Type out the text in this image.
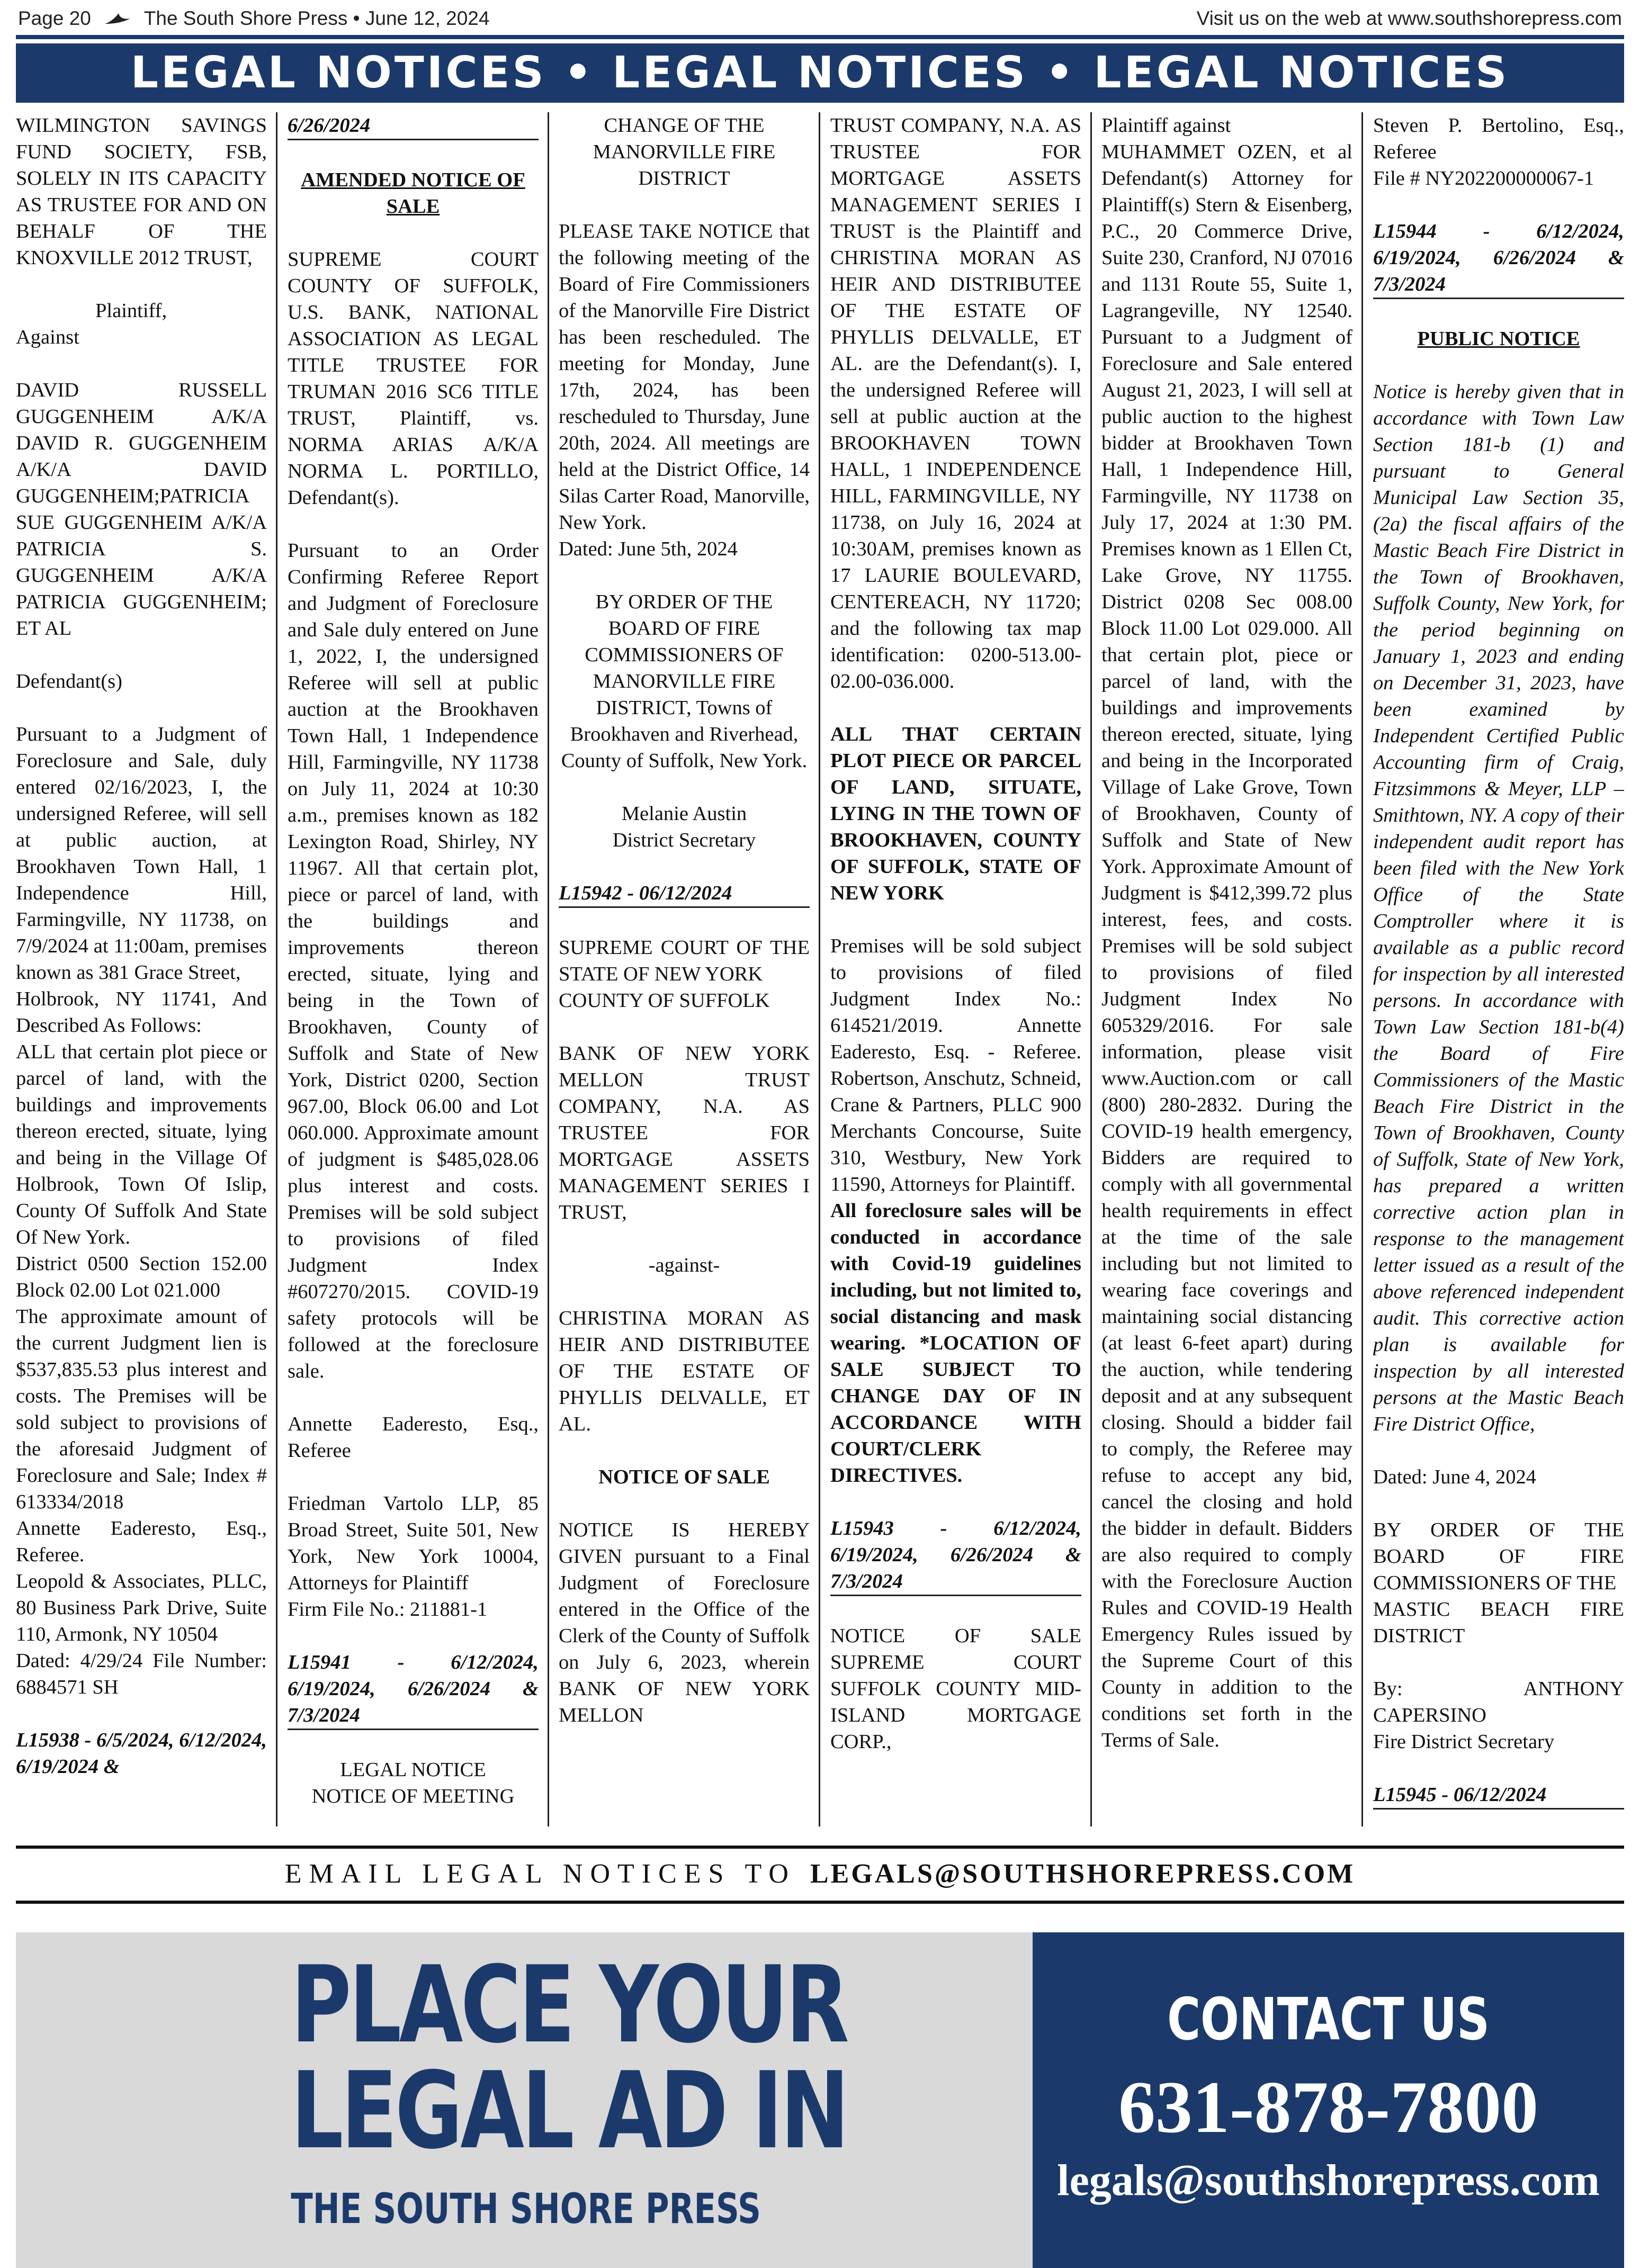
Page 20	The South Shore Press • June 12, 2024	Visit us on the web at www.southshorepress.com
LEGAL NOTICES • LEGAL NOTICES • LEGAL NOTICES

WILMINGTON SAVINGS FUND SOCIETY, FSB, SOLELY IN ITS CAPACITY AS TRUSTEE FOR AND ON BEHALF OF THE KNOXVILLE 2012 TRUST,

Plaintiff,

Against

DAVID RUSSELL GUGGENHEIM A/K/A DAVID R. GUGGENHEIM A/K/A DAVID GUGGENHEIM;PATRICIA SUE GUGGENHEIM A/K/A PATRICIA S. GUGGENHEIM A/K/A PATRICIA GUGGENHEIM; ET AL

Defendant(s)

Pursuant to a Judgment of Foreclosure and Sale, duly entered 02/16/2023, I, the undersigned Referee, will sell at public auction, at Brookhaven Town Hall, 1 Independence Hill, Farmingville, NY 11738, on 7/9/2024 at 11:00am, premises known as 381 Grace Street,

Holbrook, NY 11741, And Described As Follows:

ALL that certain plot piece or parcel of land, with the buildings and improvements thereon erected, situate, lying and being in the Village Of Holbrook, Town Of Islip, County Of Suffolk And State Of New York.

District 0500 Section 152.00 Block 02.00 Lot 021.000

The approximate amount of the current Judgment lien is $537,835.53 plus interest and costs. The Premises will be sold subject to provisions of the aforesaid Judgment of Foreclosure and Sale; Index # 613334/2018

Annette Eaderesto, Esq., Referee.

Leopold & Associates, PLLC, 80 Business Park Drive, Suite 110, Armonk, NY 10504

Dated: 4/29/24 File Number: 6884571 SH

L15938 - 6/5/2024, 6/12/2024, 6/19/2024 &

6/26/2024

AMENDED NOTICE OF SALE

SUPREME COURT COUNTY OF SUFFOLK, U.S. BANK, NATIONAL ASSOCIATION AS LEGAL TITLE TRUSTEE FOR TRUMAN 2016 SC6 TITLE TRUST, Plaintiff, vs. NORMA ARIAS A/K/A NORMA L. PORTILLO, Defendant(s).

Pursuant to an Order Confirming Referee Report and Judgment of Foreclosure and Sale duly entered on June 1, 2022, I, the undersigned Referee will sell at public auction at the Brookhaven Town Hall, 1 Independence Hill, Farmingville, NY 11738 on July 11, 2024 at 10:30 a.m., premises known as 182 Lexington Road, Shirley, NY 11967. All that certain plot, piece or parcel of land, with the buildings and improvements thereon erected, situate, lying and being in the Town of Brookhaven, County of Suffolk and State of New York, District 0200, Section 967.00, Block 06.00 and Lot 060.000. Approximate amount of judgment is $485,028.06 plus interest and costs. Premises will be sold subject to provisions of filed Judgment Index #607270/2015. COVID-19 safety protocols will be followed at the foreclosure sale.

Annette Eaderesto, Esq., Referee

Friedman Vartolo LLP, 85 Broad Street, Suite 501, New York, New York 10004, Attorneys for Plaintiff

Firm File No.: 211881-1

L15941 - 6/12/2024, 6/19/2024, 6/26/2024 & 7/3/2024

LEGAL NOTICE

NOTICE OF MEETING

CHANGE OF THE MANORVILLE FIRE DISTRICT

PLEASE TAKE NOTICE that the following meeting of the Board of Fire Commissioners of the Manorville Fire District has been rescheduled. The meeting for Monday, June 17th, 2024, has been rescheduled to Thursday, June 20th, 2024. All meetings are held at the District Office, 14 Silas Carter Road, Manorville, New York.

Dated: June 5th, 2024

BY ORDER OF THE BOARD OF FIRE COMMISSIONERS OF MANORVILLE FIRE DISTRICT, Towns of Brookhaven and Riverhead, County of Suffolk, New York.

Melanie Austin

District Secretary

L15942 - 06/12/2024

SUPREME COURT OF THE STATE OF NEW YORK

COUNTY OF SUFFOLK

BANK OF NEW YORK MELLON TRUST COMPANY, N.A. AS TRUSTEE FOR MORTGAGE ASSETS MANAGEMENT SERIES I TRUST,

-against-

CHRISTINA MORAN AS HEIR AND DISTRIBUTEE OF THE ESTATE OF PHYLLIS DELVALLE, ET AL.

NOTICE OF SALE

NOTICE IS HEREBY GIVEN pursuant to a Final Judgment of Foreclosure entered in the Office of the Clerk of the County of Suffolk on July 6, 2023, wherein BANK OF NEW YORK MELLON

TRUST COMPANY, N.A. AS TRUSTEE FOR MORTGAGE ASSETS MANAGEMENT SERIES I TRUST is the Plaintiff and CHRISTINA MORAN AS HEIR AND DISTRIBUTEE OF THE ESTATE OF PHYLLIS DELVALLE, ET AL. are the Defendant(s). I, the undersigned Referee will sell at public auction at the BROOKHAVEN TOWN HALL, 1 INDEPENDENCE HILL, FARMINGVILLE, NY 11738, on July 16, 2024 at 10:30AM, premises known as 17 LAURIE BOULEVARD, CENTEREACH, NY 11720; and the following tax map identification: 0200-513.00-02.00-036.000.

ALL THAT CERTAIN PLOT PIECE OR PARCEL OF LAND, SITUATE, LYING IN THE TOWN OF BROOKHAVEN, COUNTY OF SUFFOLK, STATE OF NEW YORK

Premises will be sold subject to provisions of filed Judgment Index No.: 614521/2019. Annette Eaderesto, Esq. - Referee. Robertson, Anschutz, Schneid, Crane & Partners, PLLC 900 Merchants Concourse, Suite 310, Westbury, New York 11590, Attorneys for Plaintiff.

All foreclosure sales will be conducted in accordance with Covid-19 guidelines including, but not limited to, social distancing and mask wearing. *LOCATION OF SALE SUBJECT TO CHANGE DAY OF IN ACCORDANCE WITH COURT/CLERK DIRECTIVES.

L15943 - 6/12/2024, 6/19/2024, 6/26/2024 & 7/3/2024

NOTICE OF SALE SUPREME COURT SUFFOLK COUNTY MID-ISLAND MORTGAGE CORP.,

Plaintiff against

MUHAMMET OZEN, et al Defendant(s) Attorney for Plaintiff(s) Stern & Eisenberg, P.C., 20 Commerce Drive, Suite 230, Cranford, NJ 07016 and 1131 Route 55, Suite 1, Lagrangeville, NY 12540. Pursuant to a Judgment of Foreclosure and Sale entered August 21, 2023, I will sell at public auction to the highest bidder at Brookhaven Town Hall, 1 Independence Hill, Farmingville, NY 11738 on July 17, 2024 at 1:30 PM. Premises known as 1 Ellen Ct, Lake Grove, NY 11755. District 0208 Sec 008.00 Block 11.00 Lot 029.000. All that certain plot, piece or parcel of land, with the buildings and improvements thereon erected, situate, lying and being in the Incorporated Village of Lake Grove, Town of Brookhaven, County of Suffolk and State of New York. Approximate Amount of Judgment is $412,399.72 plus interest, fees, and costs. Premises will be sold subject to provisions of filed Judgment Index No 605329/2016. For sale information, please visit www.Auction.com or call (800) 280-2832. During the COVID-19 health emergency, Bidders are required to comply with all governmental health requirements in effect at the time of the sale including but not limited to wearing face coverings and maintaining social distancing (at least 6-feet apart) during the auction, while tendering deposit and at any subsequent closing. Should a bidder fail to comply, the Referee may refuse to accept any bid, cancel the closing and hold the bidder in default. Bidders are also required to comply with the Foreclosure Auction Rules and COVID-19 Health Emergency Rules issued by the Supreme Court of this County in addition to the conditions set forth in the Terms of Sale.

Steven P. Bertolino, Esq., Referee

File # NY202200000067-1

L15944 - 6/12/2024, 6/19/2024, 6/26/2024 & 7/3/2024

PUBLIC NOTICE

Notice is hereby given that in accordance with Town Law Section 181-b (1) and pursuant to General Municipal Law Section 35, (2a) the fiscal affairs of the Mastic Beach Fire District in the Town of Brookhaven, Suffolk County, New York, for the period beginning on January 1, 2023 and ending on December 31, 2023, have been examined by Independent Certified Public Accounting firm of Craig, Fitzsimmons & Meyer, LLP – Smithtown, NY. A copy of their independent audit report has been filed with the New York Office of the State Comptroller where it is available as a public record for inspection by all interested persons. In accordance with Town Law Section 181-b(4) the Board of Fire Commissioners of the Mastic Beach Fire District in the Town of Brookhaven, County of Suffolk, State of New York, has prepared a written corrective action plan in response to the management letter issued as a result of the above referenced independent audit. This corrective action plan is available for inspection by all interested persons at the Mastic Beach Fire District Office,

Dated: June 4, 2024

BY ORDER OF THE BOARD OF FIRE COMMISSIONERS OF THE

MASTIC BEACH FIRE DISTRICT

By: ANTHONY CAPERSINO

Fire District Secretary

L15945 - 06/12/2024

EMAIL LEGAL NOTICES TO LEGALS@SOUTHSHOREPRESS.COM
PLACE YOUR
LEGAL AD IN
THE SOUTH SHORE PRESS
CONTACT US
631-878-7800
legals@southshorepress.com
